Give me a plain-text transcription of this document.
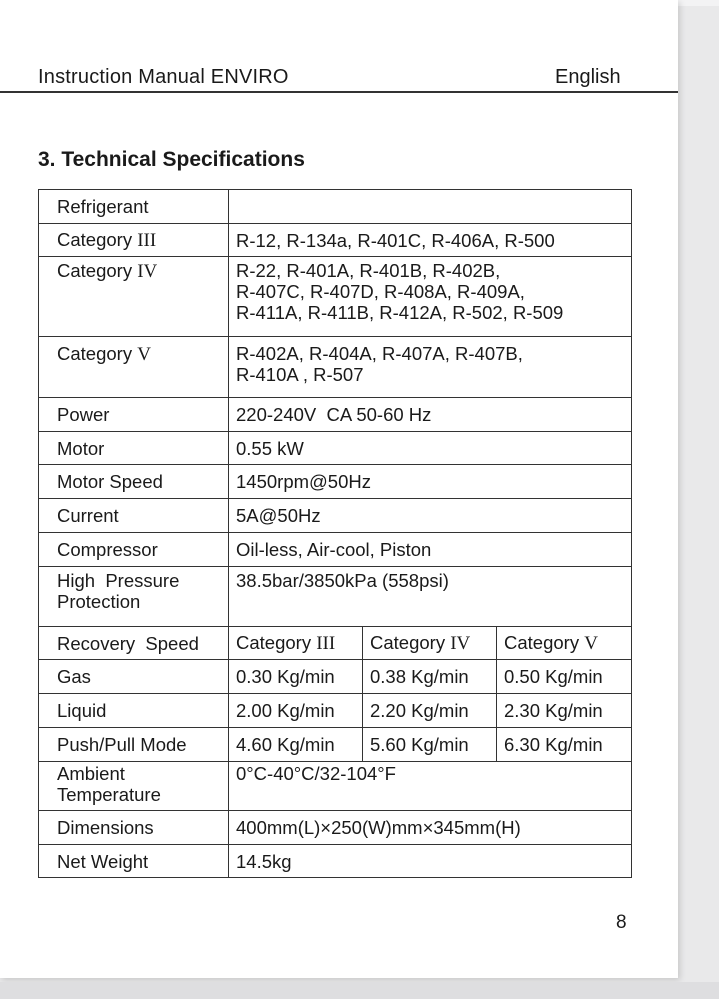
Instruction Manual ENVIRO	English
3. Technical Specifications
Refrigerant			
Category III	R-12, R-134a, R-401C, R-406A, R-500		
Category IV	R-22, R-401A, R-401B, R-402B,
R-407C, R-407D, R-408A, R-409A,
R-411A, R-411B, R-412A, R-502, R-509		

Category V	R-402A, R-404A, R-407A, R-407B,
R-410A , R-507		

Power	220-240V  CA 50-60 Hz		
Motor	0.55 kW		
Motor Speed	1450rpm@50Hz		
Current	5A@50Hz		
Compressor	Oil-less, Air-cool, Piston		

High  Pressure
Protection	38.5bar/3850kPa (558psi)		
Recovery  Speed	Category III	Category IV	Category V
Gas	0.30 Kg/min	0.38 Kg/min	0.50 Kg/min
Liquid	2.00 Kg/min	2.20 Kg/min	2.30 Kg/min
Push/Pull Mode	4.60 Kg/min	5.60 Kg/min	6.30 Kg/min

Ambient
Temperature	0°C-40°C/32-104°F		
Dimensions	400mm(L)×250(W)mm×345mm(H)		
Net Weight	14.5kg		
8
